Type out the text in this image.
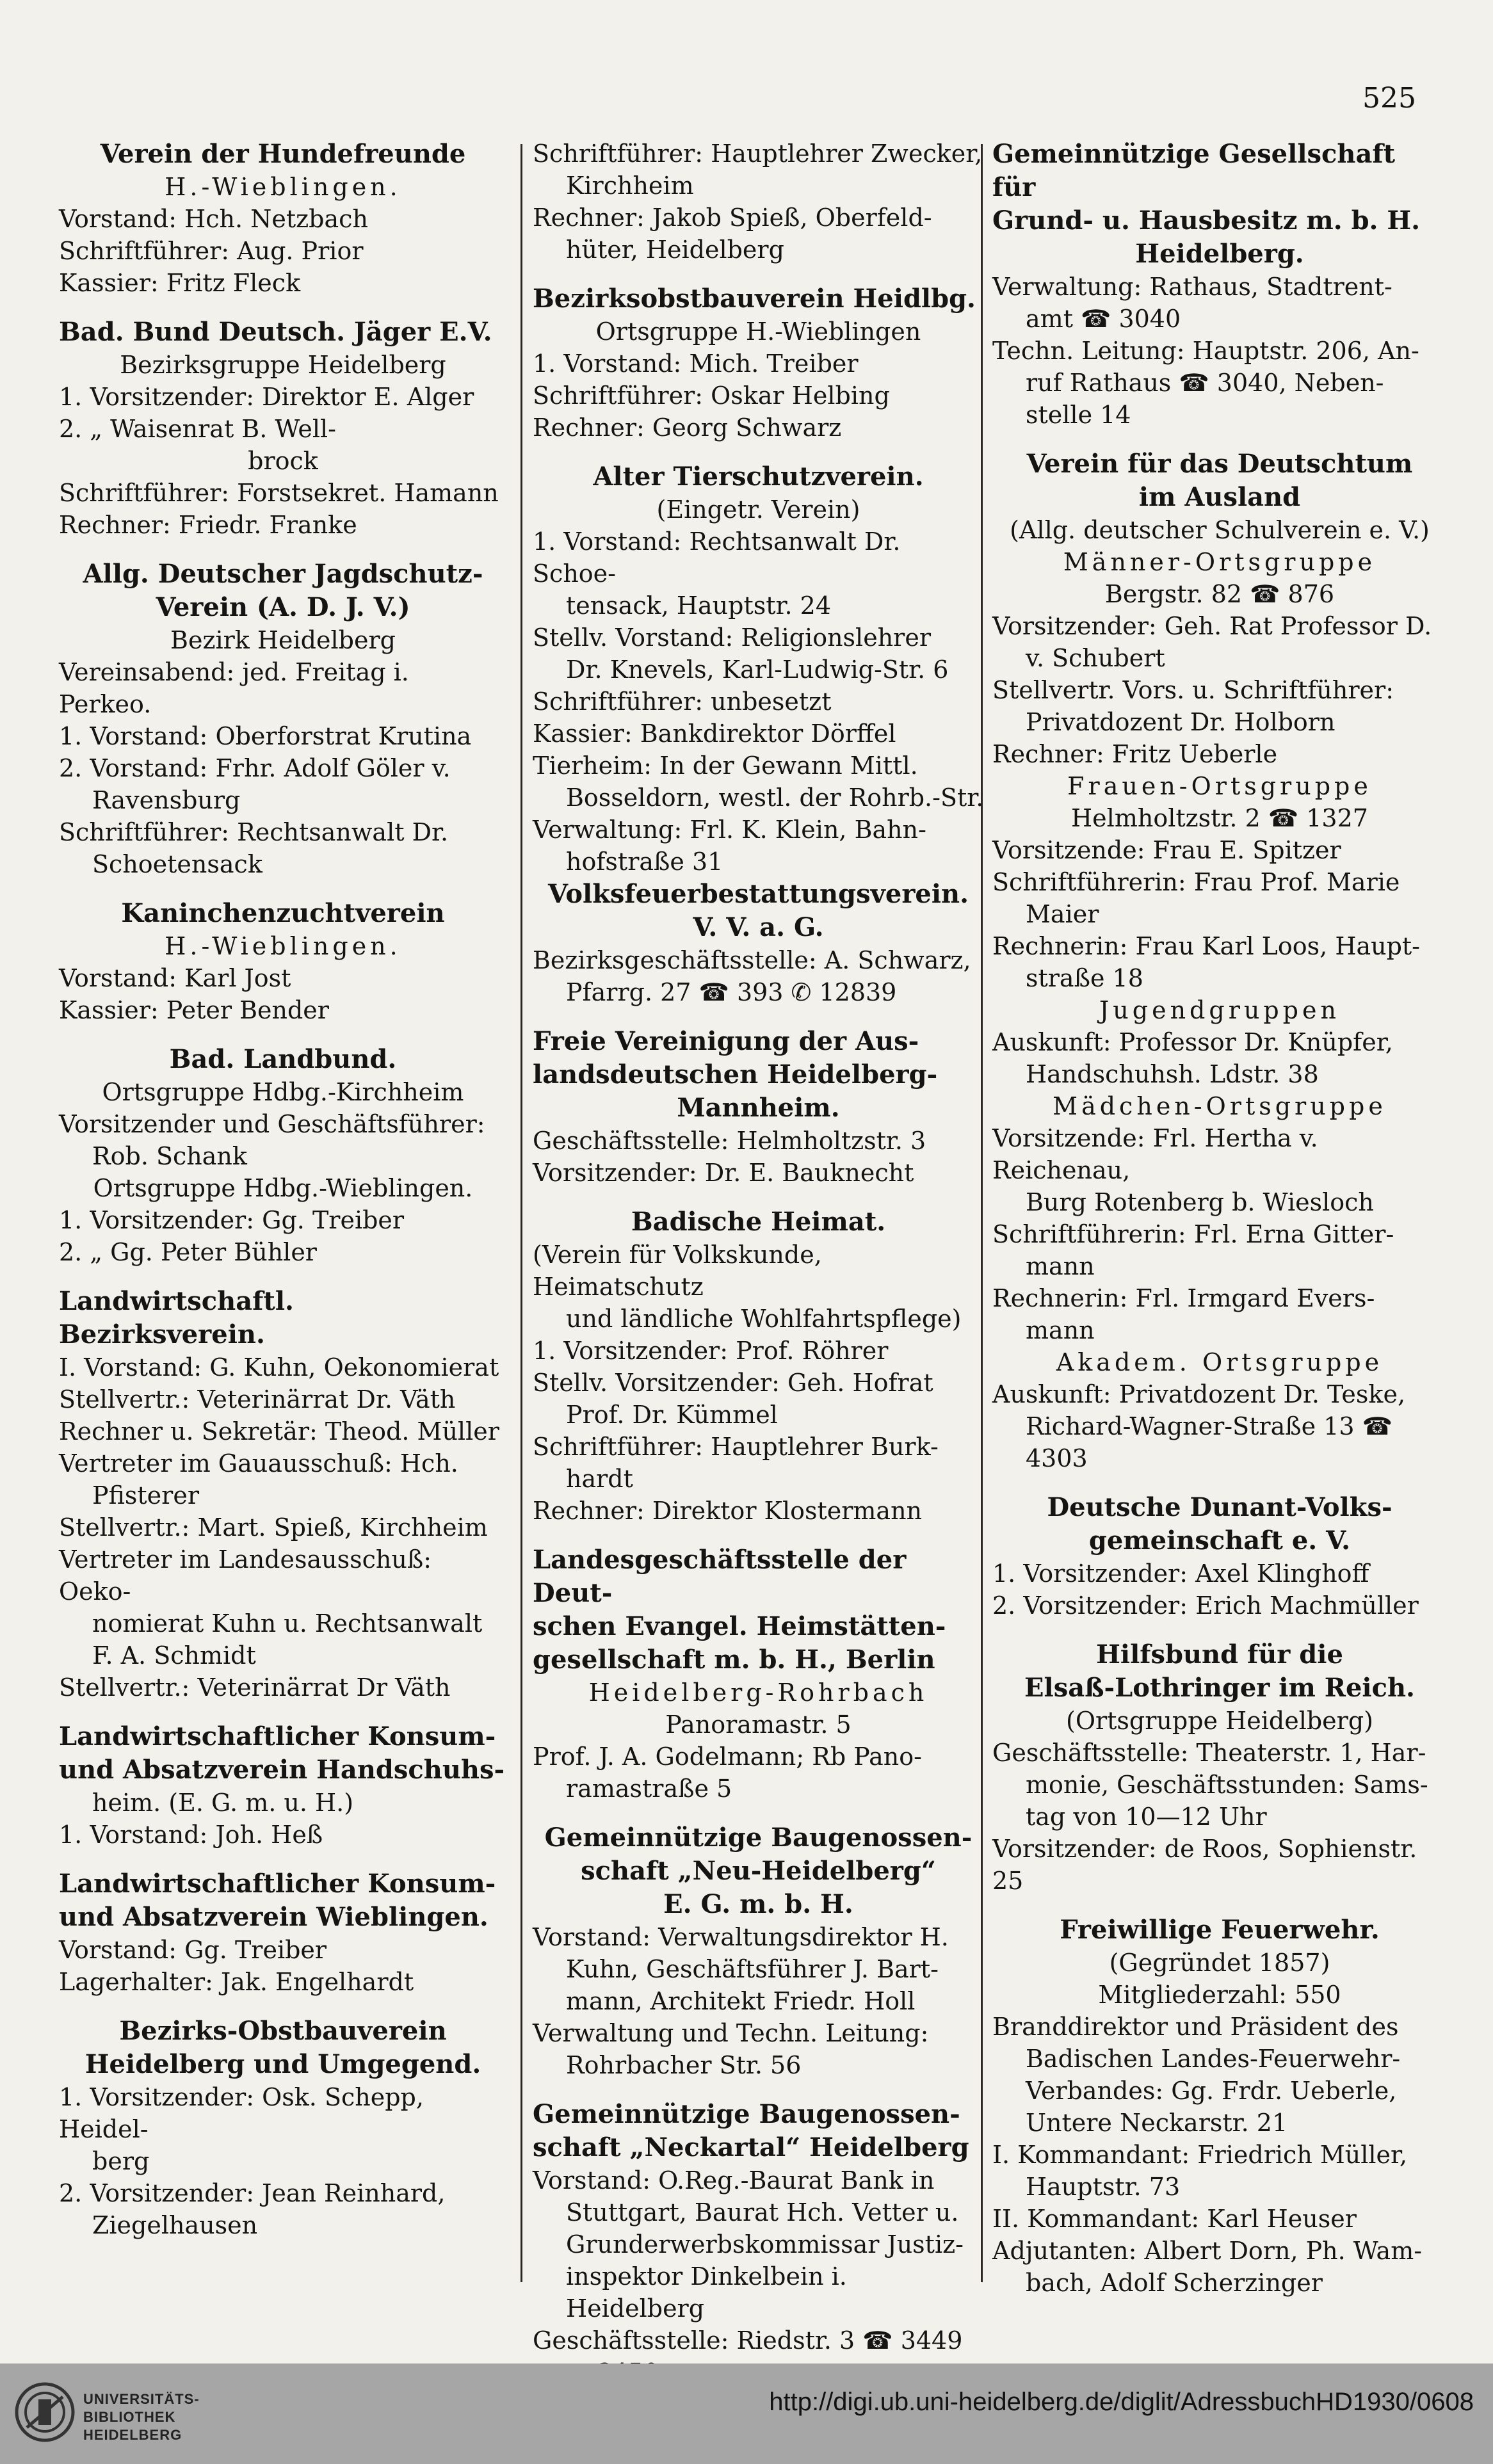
525
Verein der Hundefreunde
H.-Wieblingen.
Vorstand: Hch. Netzbach
Schriftführer: Aug. Prior
Kassier: Fritz Fleck
Bad. Bund Deutsch. Jäger E.V.
Bezirksgruppe Heidelberg
1. Vorsitzender: Direktor E. Alger
2. „ Waisenrat B. Well-
brock
Schriftführer: Forstsekret. Hamann
Rechner: Friedr. Franke
Allg. Deutscher Jagdschutz-
Verein (A. D. J. V.)
Bezirk Heidelberg
Vereinsabend: jed. Freitag i. Perkeo.
1. Vorstand: Oberforstrat Krutina
2. Vorstand: Frhr. Adolf Göler v.
Ravensburg
Schriftführer: Rechtsanwalt Dr.
Schoetensack
Kaninchenzuchtverein
H.-Wieblingen.
Vorstand: Karl Jost
Kassier: Peter Bender
Bad. Landbund.
Ortsgruppe Hdbg.-Kirchheim
Vorsitzender und Geschäftsführer:
Rob. Schank
Ortsgruppe Hdbg.-Wieblingen.
1. Vorsitzender: Gg. Treiber
2. „ Gg. Peter Bühler
Landwirtschaftl. Bezirksverein.
I. Vorstand: G. Kuhn, Oekonomierat
Stellvertr.: Veterinärrat Dr. Väth
Rechner u. Sekretär: Theod. Müller
Vertreter im Gauausschuß: Hch.
Pfisterer
Stellvertr.: Mart. Spieß, Kirchheim
Vertreter im Landesausschuß: Oeko-
nomierat Kuhn u. Rechtsanwalt
F. A. Schmidt
Stellvertr.: Veterinärrat Dr Väth
Landwirtschaftlicher Konsum-
und Absatzverein Handschuhs-
heim. (E. G. m. u. H.)
1. Vorstand: Joh. Heß
Landwirtschaftlicher Konsum-
und Absatzverein Wieblingen.
Vorstand: Gg. Treiber
Lagerhalter: Jak. Engelhardt
Bezirks-Obstbauverein
Heidelberg und Umgegend.
1. Vorsitzender: Osk. Schepp, Heidel-
berg
2. Vorsitzender: Jean Reinhard,
Ziegelhausen
Schriftführer: Hauptlehrer Zwecker,
Kirchheim
Rechner: Jakob Spieß, Oberfeld-
hüter, Heidelberg
Bezirksobstbauverein Heidlbg.
Ortsgruppe H.-Wieblingen
1. Vorstand: Mich. Treiber
Schriftführer: Oskar Helbing
Rechner: Georg Schwarz
Alter Tierschutzverein.
(Eingetr. Verein)
1. Vorstand: Rechtsanwalt Dr. Schoe-
tensack, Hauptstr. 24
Stellv. Vorstand: Religionslehrer
Dr. Knevels, Karl-Ludwig-Str. 6
Schriftführer: unbesetzt
Kassier: Bankdirektor Dörffel
Tierheim: In der Gewann Mittl.
Bosseldorn, westl. der Rohrb.-Str.
Verwaltung: Frl. K. Klein, Bahn-
hofstraße 31
Volksfeuerbestattungsverein.
V. V. a. G.
Bezirksgeschäftsstelle: A. Schwarz,
Pfarrg. 27 ☎ 393 ✆ 12839
Freie Vereinigung der Aus-
landsdeutschen Heidelberg-
Mannheim.
Geschäftsstelle: Helmholtzstr. 3
Vorsitzender: Dr. E. Bauknecht
Badische Heimat.
(Verein für Volkskunde, Heimatschutz
und ländliche Wohlfahrtspflege)
1. Vorsitzender: Prof. Röhrer
Stellv. Vorsitzender: Geh. Hofrat
Prof. Dr. Kümmel
Schriftführer: Hauptlehrer Burk-
hardt
Rechner: Direktor Klostermann
Landesgeschäftsstelle der Deut-
schen Evangel. Heimstätten-
gesellschaft m. b. H., Berlin
Heidelberg-Rohrbach
Panoramastr. 5
Prof. J. A. Godelmann; Rb Pano-
ramastraße 5
Gemeinnützige Baugenossen-
schaft „Neu-Heidelberg“
E. G. m. b. H.
Vorstand: Verwaltungsdirektor H.
Kuhn, Geschäftsführer J. Bart-
mann, Architekt Friedr. Holl
Verwaltung und Techn. Leitung:
Rohrbacher Str. 56
Gemeinnützige Baugenossen-
schaft „Neckartal“ Heidelberg
Vorstand: O.Reg.-Baurat Bank in
Stuttgart, Baurat Hch. Vetter u.
Grunderwerbskommissar Justiz-
inspektor Dinkelbein i. Heidelberg
Geschäftsstelle: Riedstr. 3 ☎ 3449
Gemeinnützige Gesellschaft für
Grund- u. Hausbesitz m. b. H.
Heidelberg.
Verwaltung: Rathaus, Stadtrent-
amt ☎ 3040
Techn. Leitung: Hauptstr. 206, An-
ruf Rathaus ☎ 3040, Neben-
stelle 14
Verein für das Deutschtum
im Ausland
(Allg. deutscher Schulverein e. V.)
Männer-Ortsgruppe
Bergstr. 82 ☎ 876
Vorsitzender: Geh. Rat Professor D.
v. Schubert
Stellvertr. Vors. u. Schriftführer:
Privatdozent Dr. Holborn
Rechner: Fritz Ueberle
Frauen-Ortsgruppe
Helmholtzstr. 2 ☎ 1327
Vorsitzende: Frau E. Spitzer
Schriftführerin: Frau Prof. Marie
Maier
Rechnerin: Frau Karl Loos, Haupt-
straße 18
Jugendgruppen
Auskunft: Professor Dr. Knüpfer,
Handschuhsh. Ldstr. 38
Mädchen-Ortsgruppe
Vorsitzende: Frl. Hertha v. Reichenau,
Burg Rotenberg b. Wiesloch
Schriftführerin: Frl. Erna Gitter-
mann
Rechnerin: Frl. Irmgard Evers-
mann
Akadem. Ortsgruppe
Auskunft: Privatdozent Dr. Teske,
Richard-Wagner-Straße 13 ☎
4303
Deutsche Dunant-Volks-
gemeinschaft e. V.
1. Vorsitzender: Axel Klinghoff
2. Vorsitzender: Erich Machmüller
Hilfsbund für die
Elsaß-Lothringer im Reich.
(Ortsgruppe Heidelberg)
Geschäftsstelle: Theaterstr. 1, Har-
monie, Geschäftsstunden: Sams-
tag von 10—12 Uhr
Vorsitzender: de Roos, Sophienstr. 25
Freiwillige Feuerwehr.
(Gegründet 1857)
Mitgliederzahl: 550
Branddirektor und Präsident des
Badischen Landes-Feuerwehr-
Verbandes: Gg. Frdr. Ueberle,
Untere Neckarstr. 21
I. Kommandant: Friedrich Müller,
Hauptstr. 73
II. Kommandant: Karl Heuser
Adjutanten: Albert Dorn, Ph. Wam-
bach, Adolf Scherzinger
UNIVERSITÄTS-
BIBLIOTHEK
HEIDELBERG
http://digi.ub.uni-heidelberg.de/diglit/AdressbuchHD1930/0608
